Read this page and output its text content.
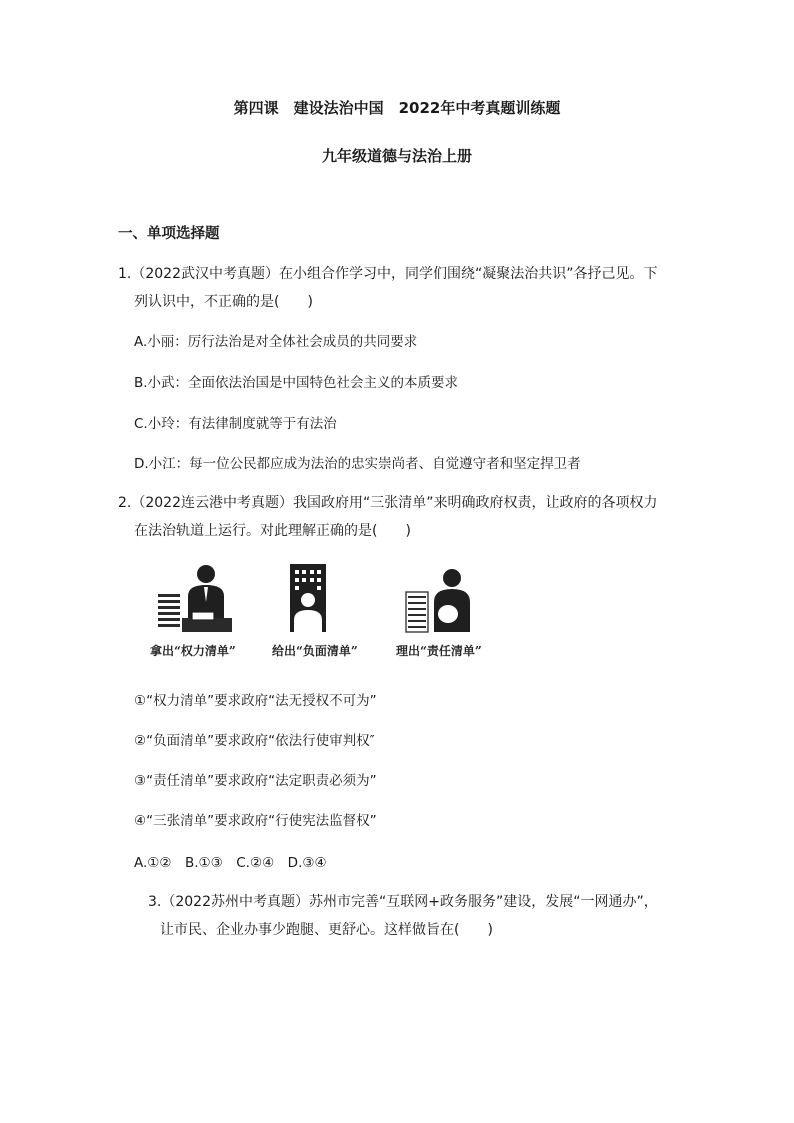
第四课　建设法治中国　2022年中考真题训练题
九年级道德与法治上册
一、单项选择题
1.（2022武汉中考真题）在小组合作学习中，同学们围绕“凝聚法治共识”各抒己见。下
列认识中，不正确的是(　　)
A.小丽：厉行法治是对全体社会成员的共同要求
B.小武：全面依法治国是中国特色社会主义的本质要求
C.小玲：有法律制度就等于有法治
D.小江：每一位公民都应成为法治的忠实崇尚者、自觉遵守者和坚定捍卫者
2.（2022连云港中考真题）我国政府用“三张清单”来明确政府权责，让政府的各项权力
在法治轨道上运行。对此理解正确的是(　　)
拿出“权力清单”	给出“负面清单”	理出“责任清单”
①“权力清单”要求政府“法无授权不可为”
②“负面清单”要求政府“依法行使审判权″
③“责任清单”要求政府“法定职责必须为”
④“三张清单”要求政府“行使宪法监督权”
A.①②　B.①③　C.②④　D.③④
3.（2022苏州中考真题）苏州市完善“互联网+政务服务”建设，发展“一网通办”，
让市民、企业办事少跑腿、更舒心。这样做旨在(　　)
